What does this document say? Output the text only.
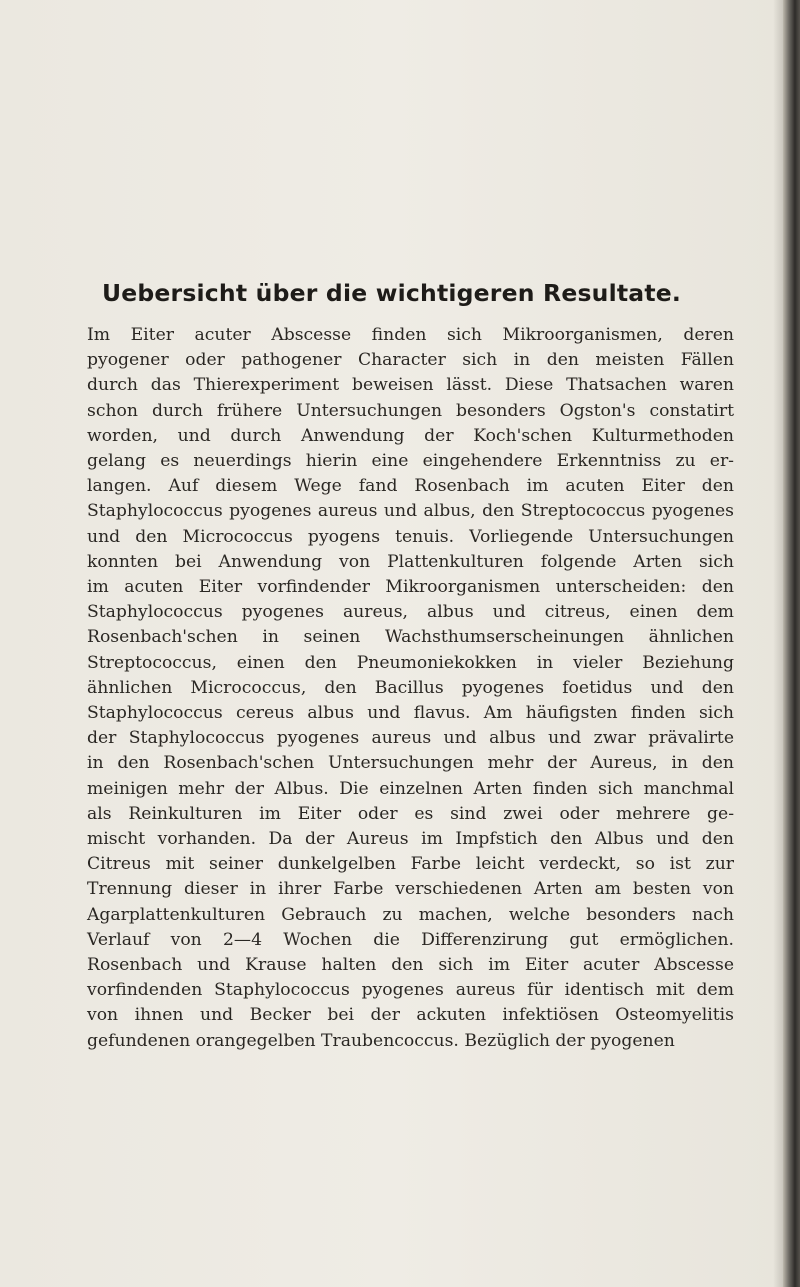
Uebersicht über die wichtigeren Resultate.
Im Eiter acuter Abscesse finden sich Mikroorganismen, deren
pyogener oder pathogener Character sich in den meisten Fällen
durch das Thierexperiment beweisen lässt. Diese Thatsachen waren
schon durch frühere Untersuchungen besonders Ogston's constatirt
worden, und durch Anwendung der Koch'schen Kulturmethoden
gelang es neuerdings hierin eine eingehendere Erkenntniss zu er-
langen. Auf diesem Wege fand Rosenbach im acuten Eiter den
Staphylococcus pyogenes aureus und albus, den Streptococcus pyogenes
und den Micrococcus pyogens tenuis. Vorliegende Untersuchungen
konnten bei Anwendung von Plattenkulturen folgende Arten sich
im acuten Eiter vorfindender Mikroorganismen unterscheiden: den
Staphylococcus pyogenes aureus, albus und citreus, einen dem
Rosenbach'schen in seinen Wachsthumserscheinungen ähnlichen
Streptococcus, einen den Pneumoniekokken in vieler Beziehung
ähnlichen Micrococcus, den Bacillus pyogenes foetidus und den
Staphylococcus cereus albus und flavus. Am häufigsten finden sich
der Staphylococcus pyogenes aureus und albus und zwar prävalirte
in den Rosenbach'schen Untersuchungen mehr der Aureus, in den
meinigen mehr der Albus. Die einzelnen Arten finden sich manchmal
als Reinkulturen im Eiter oder es sind zwei oder mehrere ge-
mischt vorhanden. Da der Aureus im Impfstich den Albus und den
Citreus mit seiner dunkelgelben Farbe leicht verdeckt, so ist zur
Trennung dieser in ihrer Farbe verschiedenen Arten am besten von
Agarplattenkulturen Gebrauch zu machen, welche besonders nach
Verlauf von 2—4 Wochen die Differenzirung gut ermöglichen.
Rosenbach und Krause halten den sich im Eiter acuter Abscesse
vorfindenden Staphylococcus pyogenes aureus für identisch mit dem
von ihnen und Becker bei der ackuten infektiösen Osteomyelitis
gefundenen orangegelben Traubencoccus. Bezüglich der pyogenen
